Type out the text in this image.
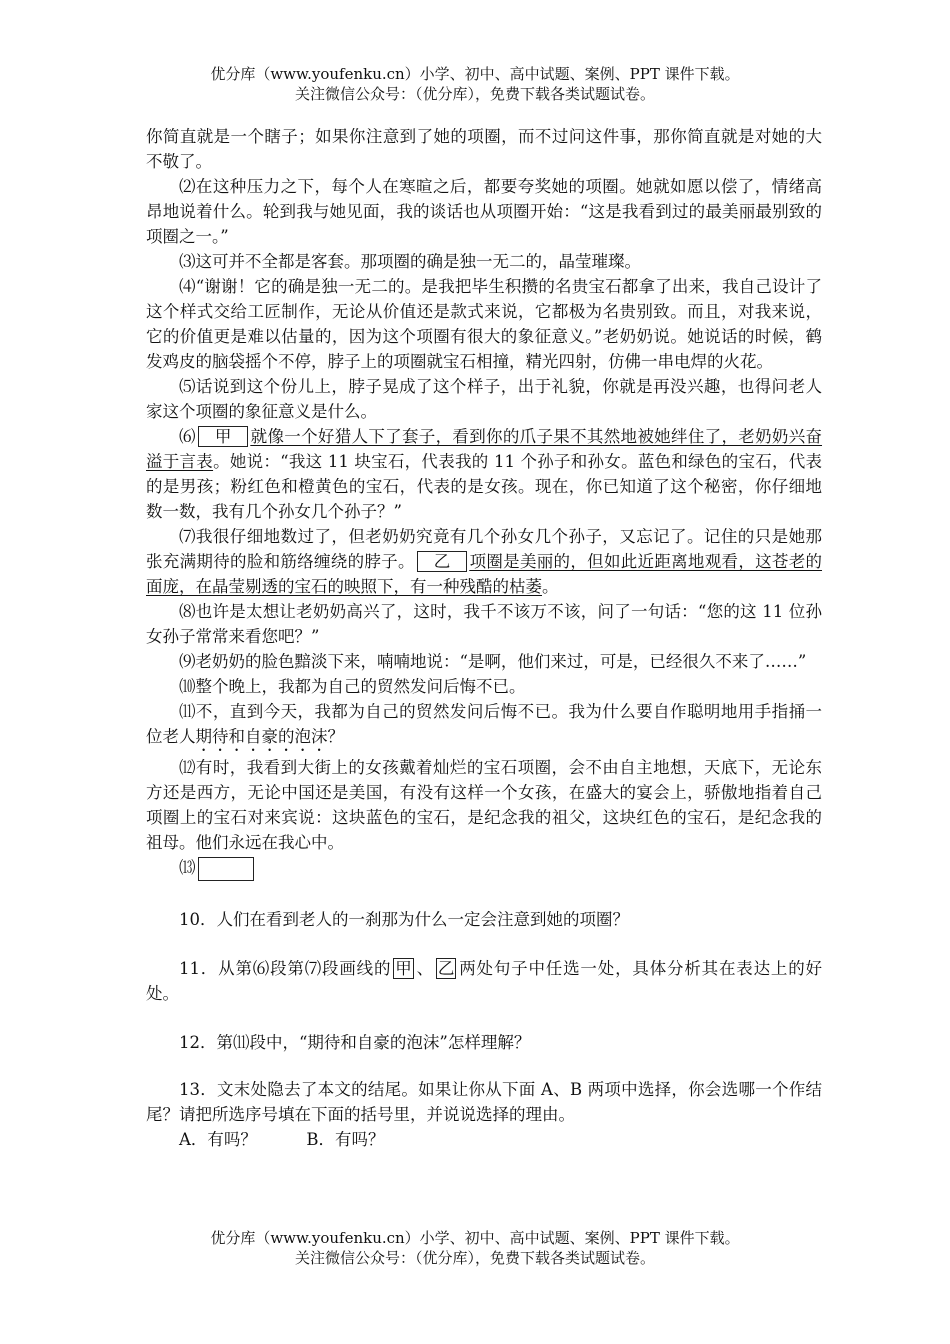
优分库（www.youfenku.cn）小学、初中、高中试题、案例、PPT 课件下载。
关注微信公众号：（优分库），免费下载各类试题试卷。

你简直就是一个瞎子；如果你注意到了她的项圈，而不过问这件事，那你简直就是对她的大不敬了。

⑵在这种压力之下，每个人在寒暄之后，都要夸奖她的项圈。她就如愿以偿了，情绪高昂地说着什么。轮到我与她见面，我的谈话也从项圈开始：“这是我看到过的最美丽最别致的项圈之一。”

⑶这可并不全都是客套。那项圈的确是独一无二的，晶莹璀璨。

⑷“谢谢！它的确是独一无二的。是我把毕生积攒的名贵宝石都拿了出来，我自己设计了这个样式交给工匠制作，无论从价值还是款式来说，它都极为名贵别致。而且，对我来说，它的价值更是难以估量的，因为这个项圈有很大的象征意义。”老奶奶说。她说话的时候，鹤发鸡皮的脑袋摇个不停，脖子上的项圈就宝石相撞，精光四射，仿佛一串电焊的火花。

⑸话说到这个份儿上，脖子晃成了这个样子，出于礼貌，你就是再没兴趣，也得问老人家这个项圈的象征意义是什么。

⑹ 甲 就像一个好猎人下了套子，看到你的爪子果不其然地被她绊住了，老奶奶兴奋溢于言表。她说：“我这 11 块宝石，代表我的 11 个孙子和孙女。蓝色和绿色的宝石，代表的是男孩；粉红色和橙黄色的宝石，代表的是女孩。现在，你已知道了这个秘密，你仔细地数一数，我有几个孙女几个孙子？”

⑺我很仔细地数过了，但老奶奶究竟有几个孙女几个孙子，又忘记了。记住的只是她那张充满期待的脸和筋络缠绕的脖子。 乙 项圈是美丽的，但如此近距离地观看，这苍老的面庞，在晶莹剔透的宝石的映照下，有一种残酷的枯萎。

⑻也许是太想让老奶奶高兴了，这时，我千不该万不该，问了一句话：“您的这 11 位孙女孙子常常来看您吧？”

⑼老奶奶的脸色黯淡下来，喃喃地说：“是啊，他们来过，可是，已经很久不来了……”

⑽整个晚上，我都为自己的贸然发问后悔不已。

⑾不，直到今天，我都为自己的贸然发问后悔不已。我为什么要自作聪明地用手指捅一位老人期待和自豪的泡沫？

⑿有时，我看到大街上的女孩戴着灿烂的宝石项圈，会不由自主地想，天底下，无论东方还是西方，无论中国还是美国，有没有这样一个女孩，在盛大的宴会上，骄傲地指着自己项圈上的宝石对来宾说：这块蓝色的宝石，是纪念我的祖父，这块红色的宝石，是纪念我的祖母。他们永远在我心中。

⒀

10．人们在看到老人的一刹那为什么一定会注意到她的项圈？

11．从第⑹段第⑺段画线的 甲 、 乙 两处句子中任选一处，具体分析其在表达上的好处。

12．第⑾段中，“期待和自豪的泡沫”怎样理解？

13．文末处隐去了本文的结尾。如果让你从下面 A、B 两项中选择，你会选哪一个作结尾？请把所选序号填在下面的括号里，并说说选择的理由。

A．有吗？　　　B．有吗？

优分库（www.youfenku.cn）小学、初中、高中试题、案例、PPT 课件下载。
关注微信公众号：（优分库），免费下载各类试题试卷。
